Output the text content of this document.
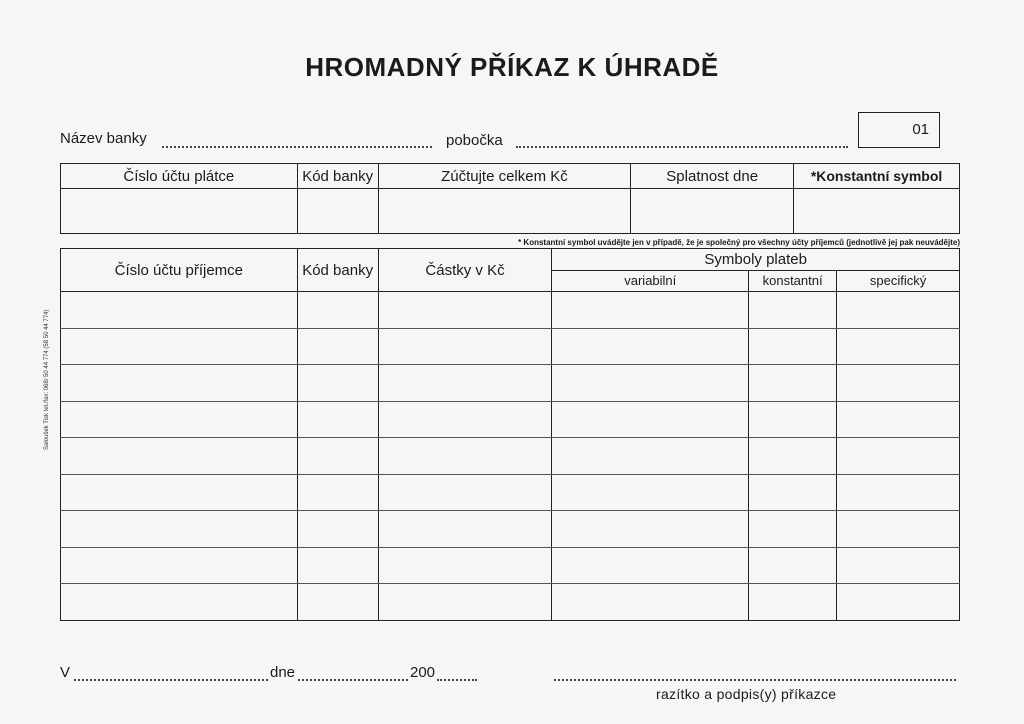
HROMADNÝ PŘÍKAZ K ÚHRADĚ
01
Název banky	pobočka
Číslo účtu plátce	Kód banky	Zúčtujte celkem Kč	Splatnost dne	*Konstantní symbol

* Konstantní symbol uvádějte jen v případě, že je společný pro všechny účty příjemců (jednotlivě jej pak neuvádějte)
Číslo účtu příjemce	Kód banky	Částky v Kč	Symboly plateb		
			variabilní	konstantní	specifický

Saloušek Tisk tel./fax: 068/ 50 44 774 (58 50 44 774)
V	dne	200
razítko a podpis(y) příkazce
